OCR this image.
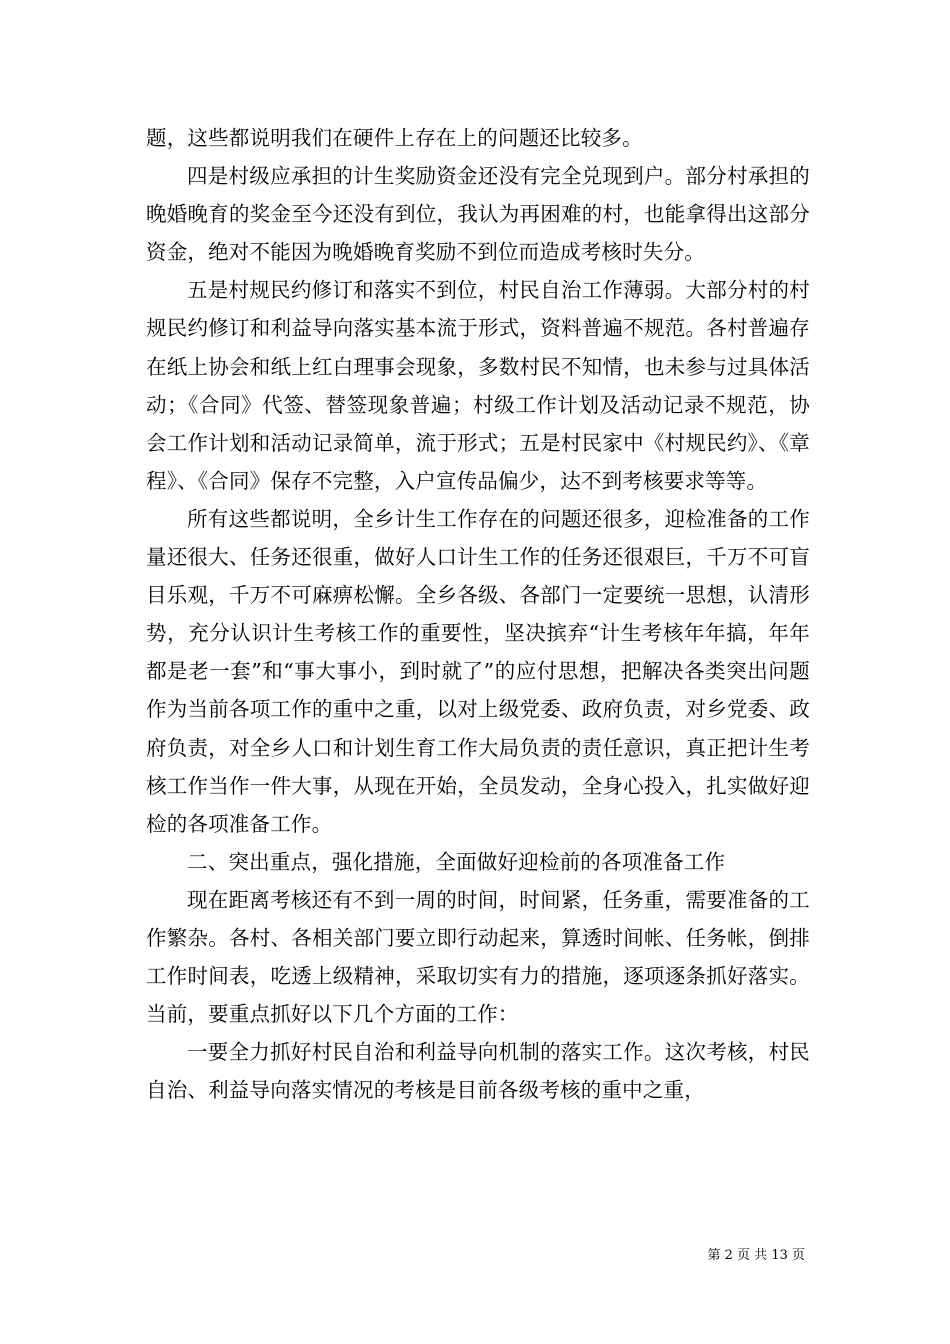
题，这些都说明我们在硬件上存在上的问题还比较多。

四是村级应承担的计生奖励资金还没有完全兑现到户。部分村承担的晚婚晚育的奖金至今还没有到位，我认为再困难的村，也能拿得出这部分资金，绝对不能因为晚婚晚育奖励不到位而造成考核时失分。

五是村规民约修订和落实不到位，村民自治工作薄弱。大部分村的村规民约修订和利益导向落实基本流于形式，资料普遍不规范。各村普遍存在纸上协会和纸上红白理事会现象，多数村民不知情，也未参与过具体活动；《合同》代签、替签现象普遍；村级工作计划及活动记录不规范，协会工作计划和活动记录简单，流于形式；五是村民家中《村规民约》、《章程》、《合同》保存不完整，入户宣传品偏少，达不到考核要求等等。

所有这些都说明，全乡计生工作存在的问题还很多，迎检准备的工作量还很大、任务还很重，做好人口计生工作的任务还很艰巨，千万不可盲目乐观，千万不可麻痹松懈。全乡各级、各部门一定要统一思想，认清形势，充分认识计生考核工作的重要性，坚决摈弃“计生考核年年搞，年年都是老一套”和“事大事小，到时就了”的应付思想，把解决各类突出问题作为当前各项工作的重中之重，以对上级党委、政府负责，对乡党委、政府负责，对全乡人口和计划生育工作大局负责的责任意识，真正把计生考核工作当作一件大事，从现在开始，全员发动，全身心投入，扎实做好迎检的各项准备工作。

二、突出重点，强化措施，全面做好迎检前的各项准备工作

现在距离考核还有不到一周的时间，时间紧，任务重，需要准备的工作繁杂。各村、各相关部门要立即行动起来，算透时间帐、任务帐，倒排工作时间表，吃透上级精神，采取切实有力的措施，逐项逐条抓好落实。当前，要重点抓好以下几个方面的工作：

一要全力抓好村民自治和利益导向机制的落实工作。这次考核，村民自治、利益导向落实情况的考核是目前各级考核的重中之重，

第 2 页 共 13 页
